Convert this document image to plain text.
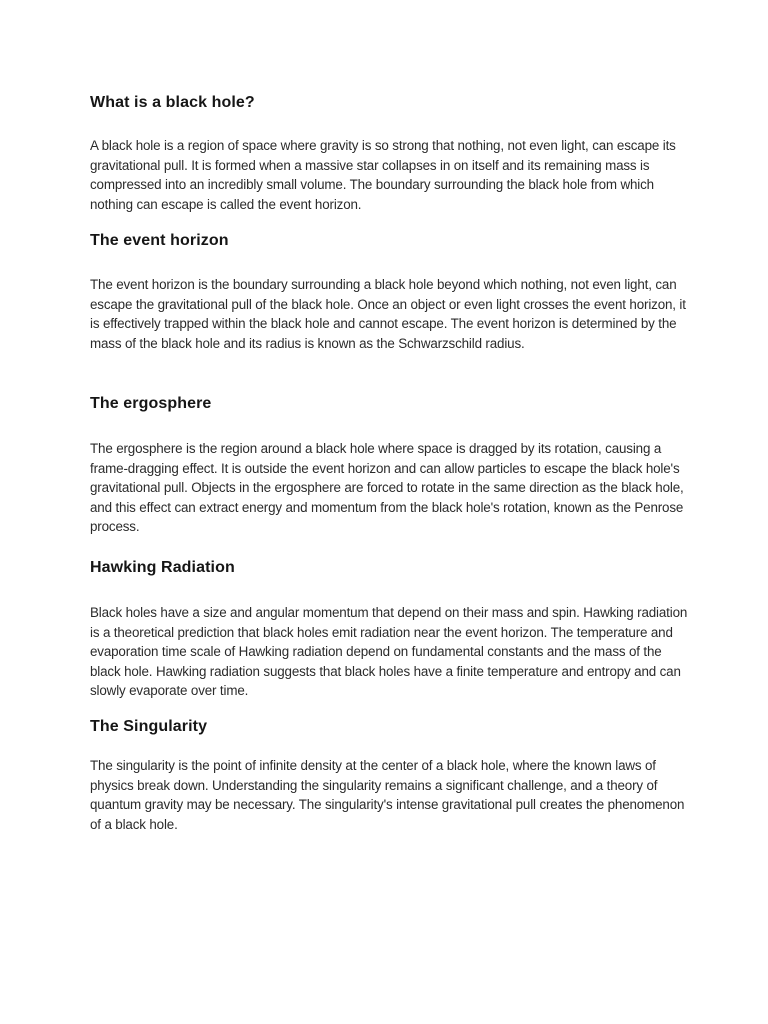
What is a black hole?

A black hole is a region of space where gravity is so strong that nothing, not even light, can escape its gravitational pull. It is formed when a massive star collapses in on itself and its remaining mass is compressed into an incredibly small volume. The boundary surrounding the black hole from which nothing can escape is called the event horizon.

The event horizon

The event horizon is the boundary surrounding a black hole beyond which nothing, not even light, can escape the gravitational pull of the black hole. Once an object or even light crosses the event horizon, it is effectively trapped within the black hole and cannot escape. The event horizon is determined by the mass of the black hole and its radius is known as the Schwarzschild radius.

The ergosphere

The ergosphere is the region around a black hole where space is dragged by its rotation, causing a frame-dragging effect. It is outside the event horizon and can allow particles to escape the black hole's gravitational pull. Objects in the ergosphere are forced to rotate in the same direction as the black hole, and this effect can extract energy and momentum from the black hole's rotation, known as the Penrose process.

Hawking Radiation

Black holes have a size and angular momentum that depend on their mass and spin. Hawking radiation is a theoretical prediction that black holes emit radiation near the event horizon. The temperature and evaporation time scale of Hawking radiation depend on fundamental constants and the mass of the black hole. Hawking radiation suggests that black holes have a finite temperature and entropy and can slowly evaporate over time.

The Singularity

The singularity is the point of infinite density at the center of a black hole, where the known laws of physics break down. Understanding the singularity remains a significant challenge, and a theory of quantum gravity may be necessary. The singularity's intense gravitational pull creates the phenomenon of a black hole.
